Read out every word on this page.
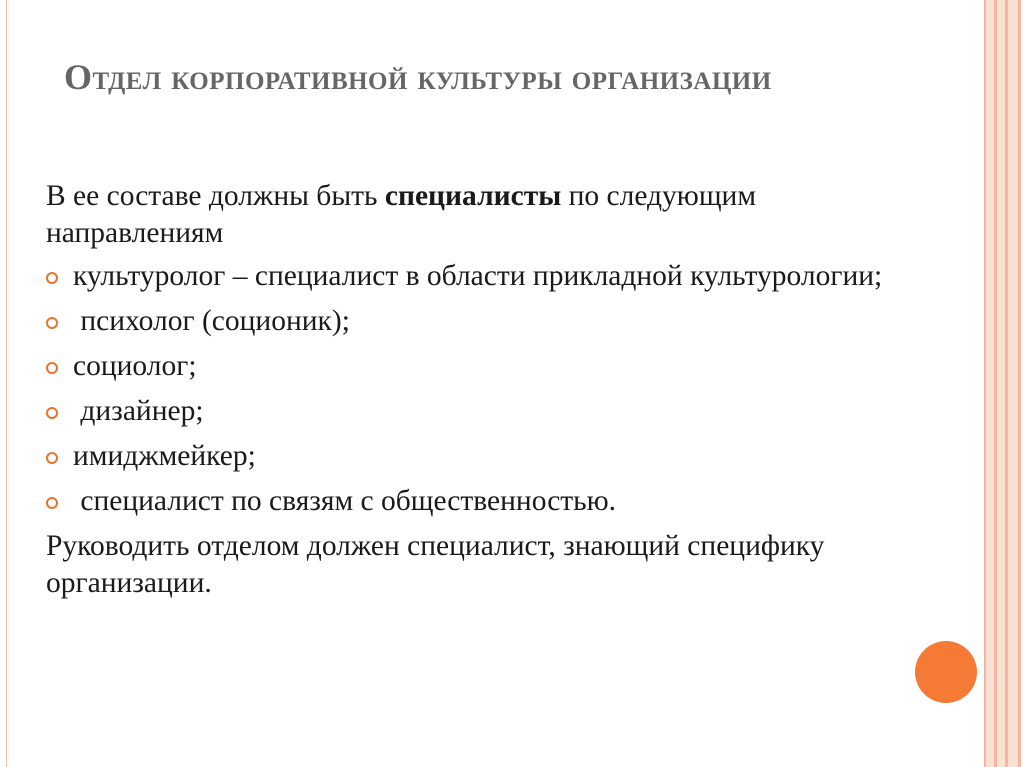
Отдел корпоративной культуры организации

В ее составе должны быть специалисты по следующим направлениям

культуролог – специалист в области прикладной культурологии;
психолог (соционик);
социолог;
дизайнер;
имиджмейкер;
специалист по связям с общественностью.

Руководить отделом должен специалист, знающий специфику организации.
